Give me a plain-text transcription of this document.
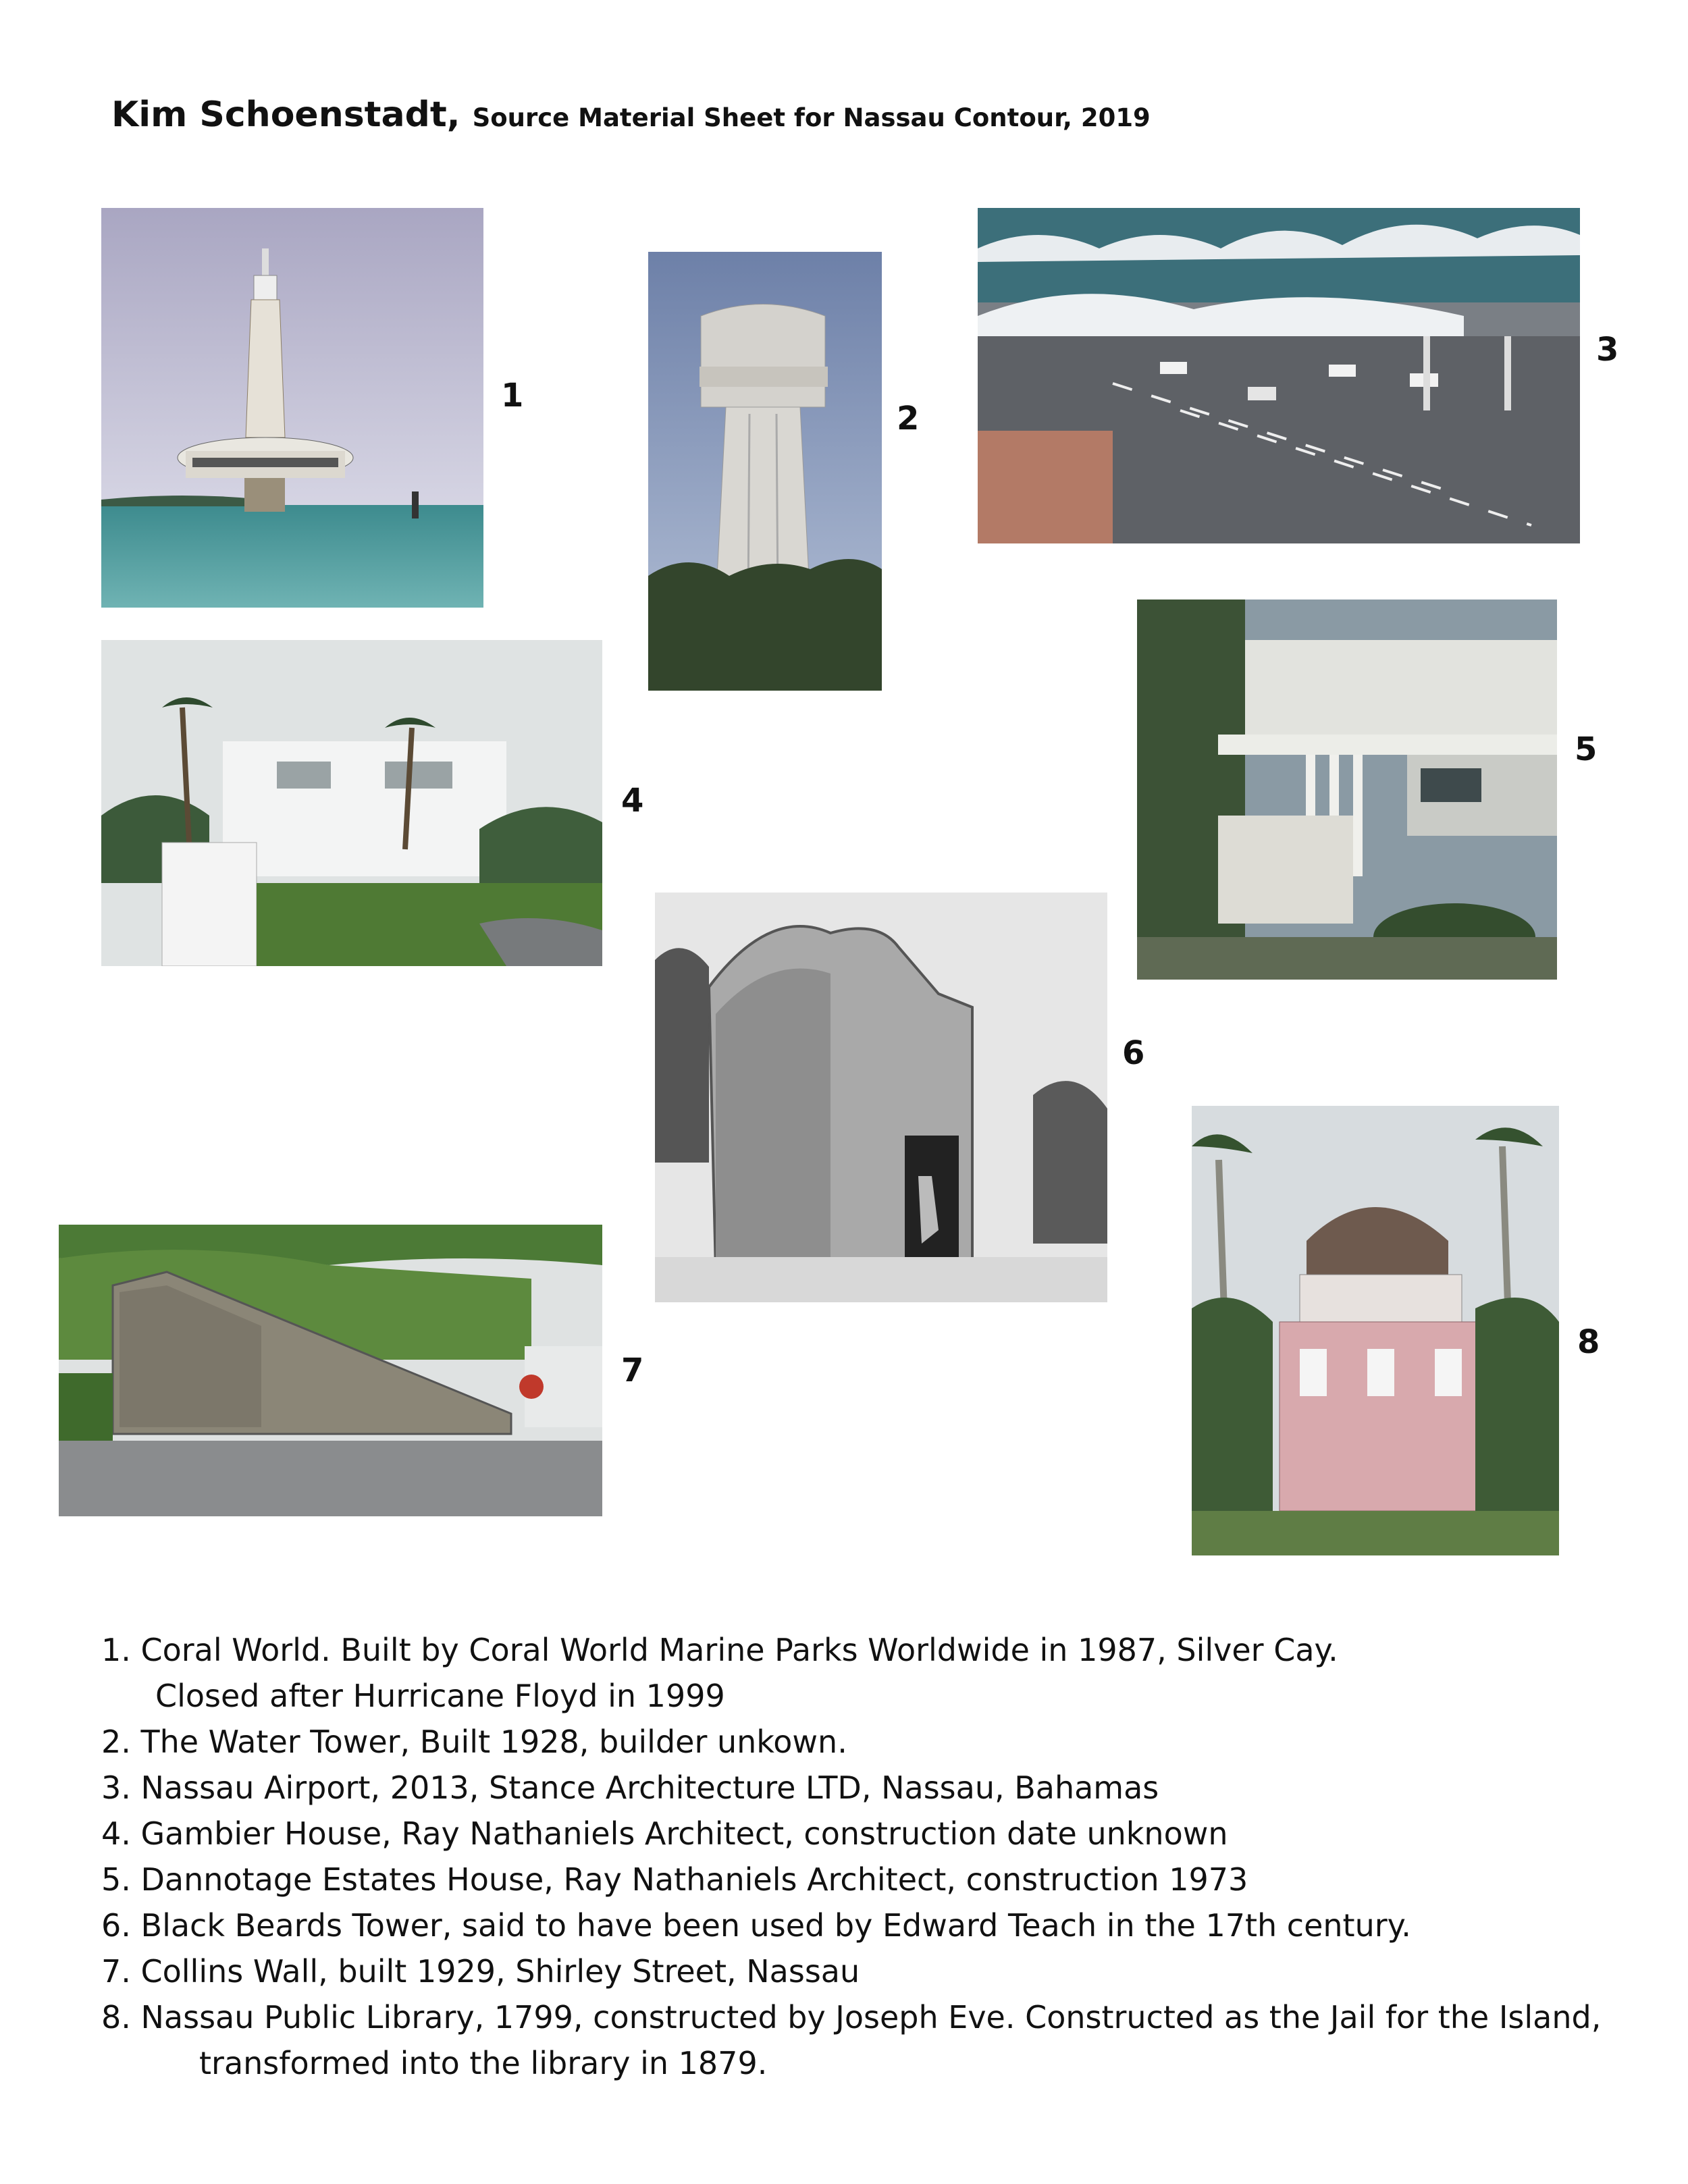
Kim Schoenstadt, Source Material Sheet for Nassau Contour, 2019
1
2
3
4
5
6
7
8
1. Coral World. Built by Coral World Marine Parks Worldwide in 1987, Silver Cay.
Closed after Hurricane Floyd in 1999
2. The Water Tower, Built 1928, builder unkown.
3. Nassau Airport, 2013, Stance Architecture LTD, Nassau, Bahamas
4. Gambier House, Ray Nathaniels Architect, construction date unknown
5. Dannotage Estates House, Ray Nathaniels Architect, construction 1973
6. Black Beards Tower, said to have been used by Edward Teach in the 17th century.
7. Collins Wall, built 1929, Shirley Street, Nassau
8. Nassau Public Library, 1799, constructed by Joseph Eve. Constructed as the Jail for the Island,
transformed into the library in 1879.
